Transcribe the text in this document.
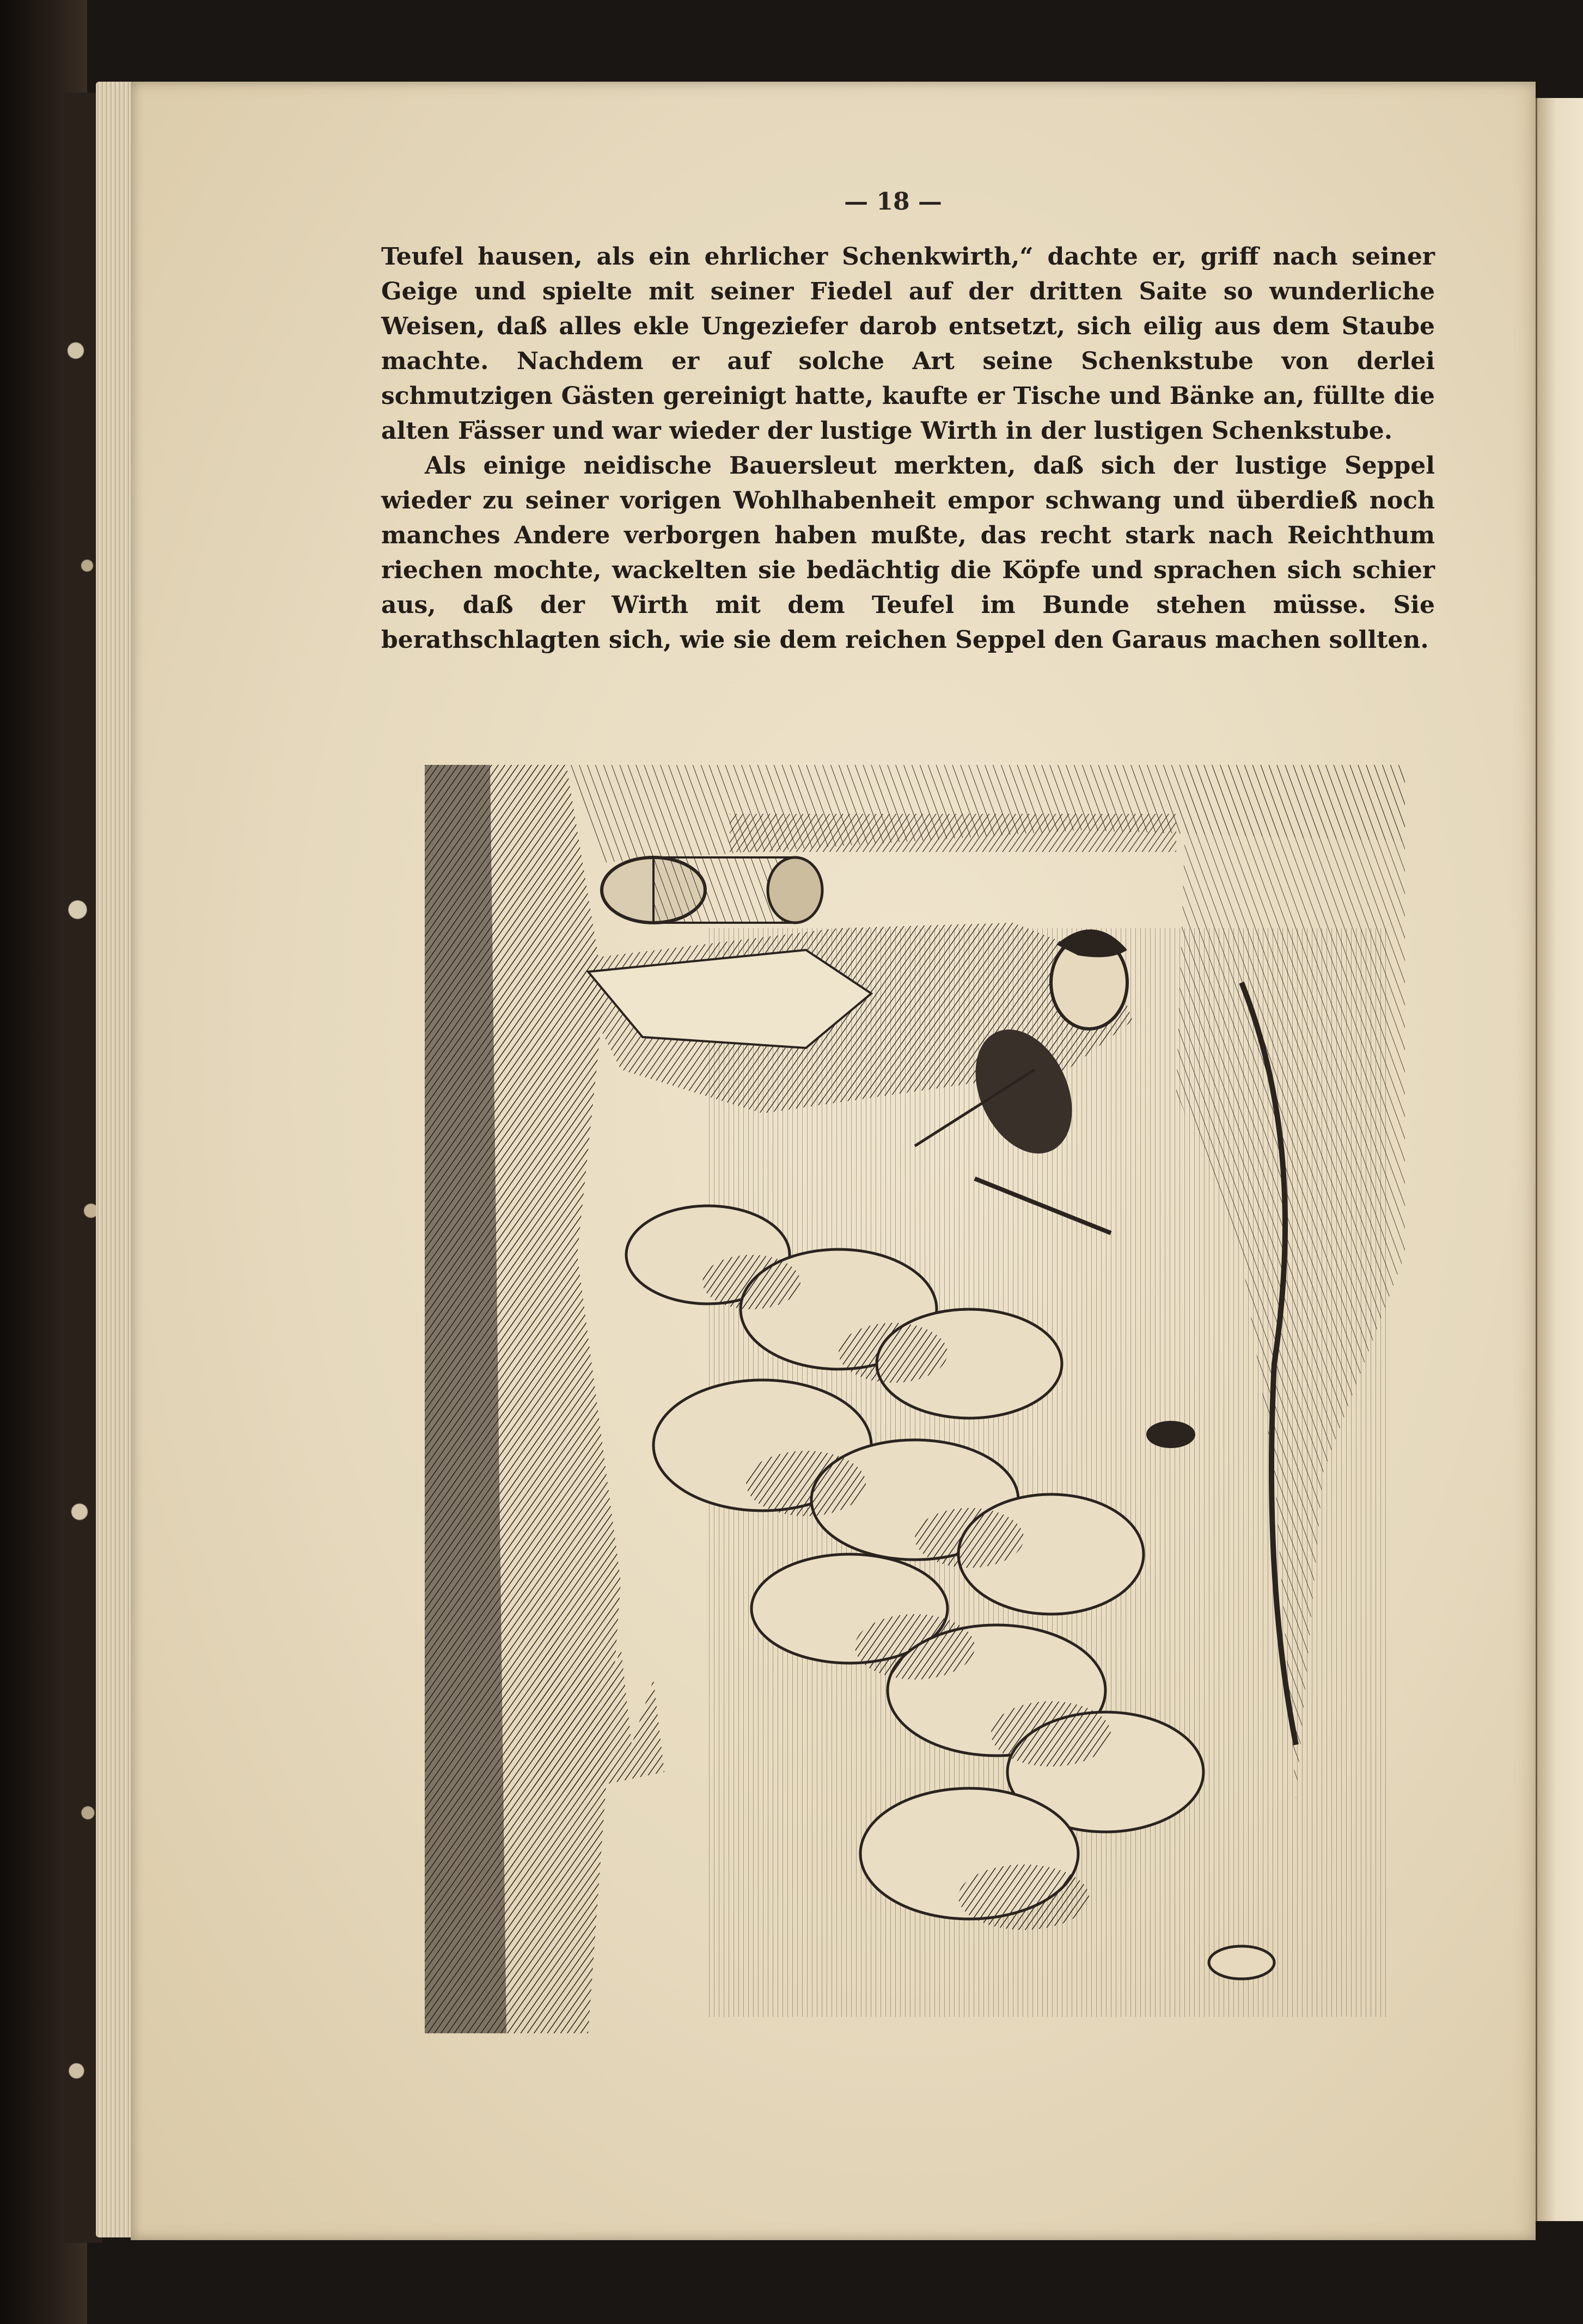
— 18 —

Teufel hausen, als ein ehrlicher Schenkwirth,“ dachte er, griff nach seiner Geige und spielte mit seiner Fiedel auf der dritten Saite so wunderliche Weisen, daß alles ekle Ungeziefer darob entsetzt, sich eilig aus dem Staube machte. Nachdem er auf solche Art seine Schenkstube von derlei schmutzigen Gästen gereinigt hatte, kaufte er Tische und Bänke an, füllte die alten Fässer und war wieder der lustige Wirth in der lustigen Schenkstube.

Als einige neidische Bauersleut merkten, daß sich der lustige Seppel wieder zu seiner vorigen Wohlhabenheit empor schwang und überdieß noch manches Andere verborgen haben mußte, das recht stark nach Reichthum riechen mochte, wackelten sie bedächtig die Köpfe und sprachen sich schier aus, daß der Wirth mit dem Teufel im Bunde stehen müsse. Sie berathschlagten sich, wie sie dem reichen Seppel den Garaus machen sollten.
